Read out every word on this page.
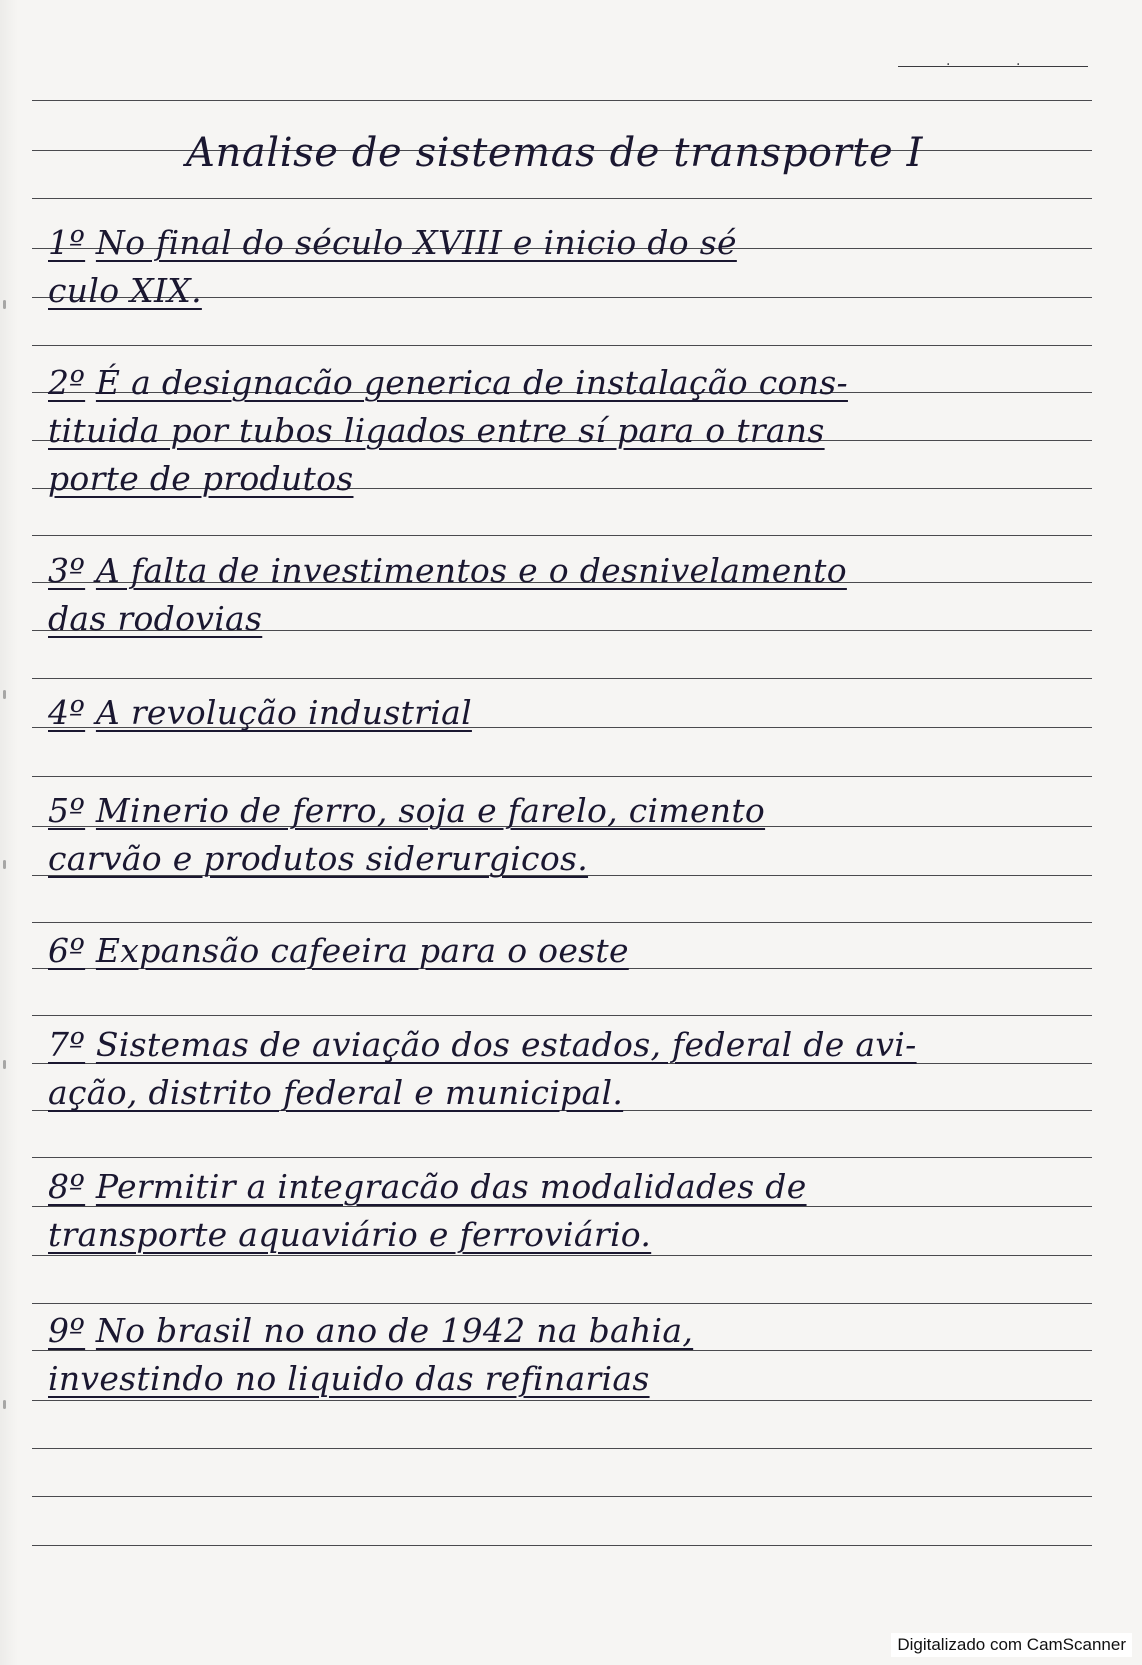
.	.
Analise de sistemas de transporte I
1º No final do século XVIII e inicio do sé
culo XIX.
2º É a designacão generica de instalação cons-
tituida por tubos ligados entre sí para o trans
porte de produtos
3º A falta de investimentos e o desnivelamento
das rodovias
4º A revolução industrial
5º Minerio de ferro, soja e farelo, cimento
carvão e produtos siderurgicos.
6º Expansão cafeeira para o oeste
7º Sistemas de aviação dos estados, federal de avi-
ação, distrito federal e municipal.
8º Permitir a integracão das modalidades de
transporte aquaviário e ferroviário.
9º No brasil no ano de 1942 na bahia,
investindo no liquido das refinarias
Digitalizado com CamScanner
